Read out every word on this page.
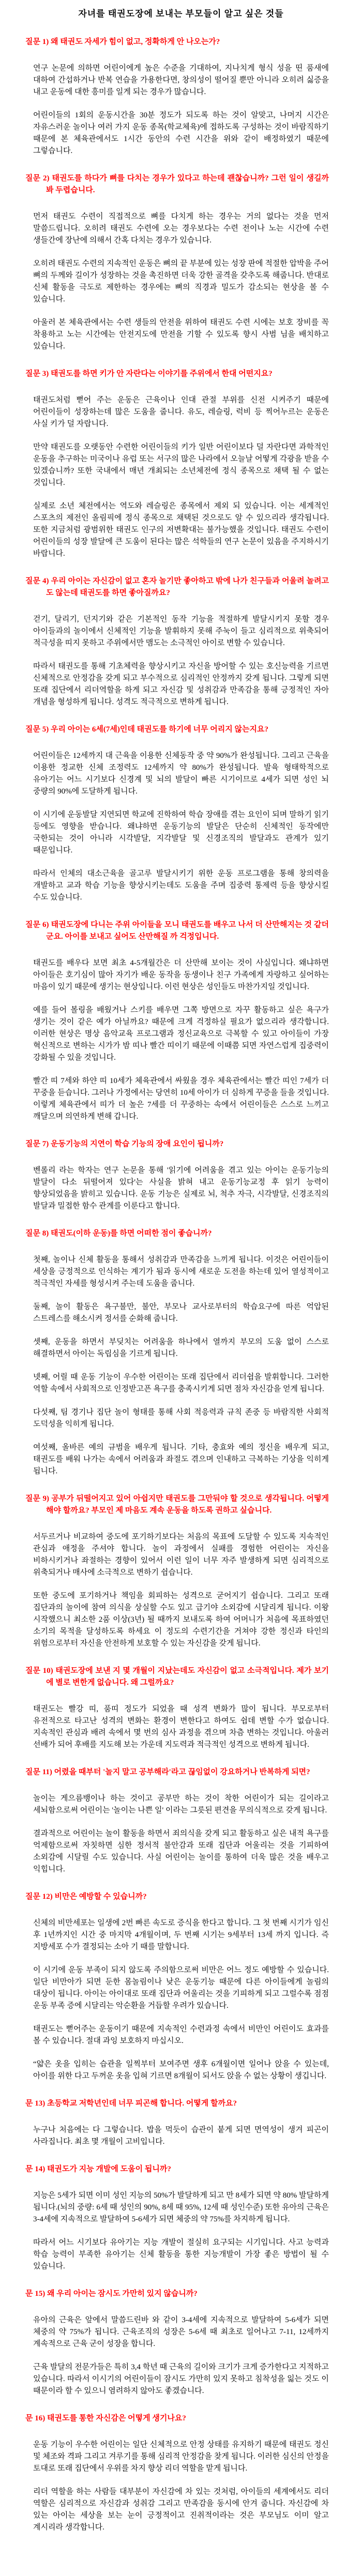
자녀를 태권도장에 보내는 부모들이 알고 싶은 것들

질문 1) 왜 태권도 자세가 힘이 없고, 정확하게 안 나오는가?

연구 논문에 의하면 어린이에게 높은 수준을 기대하여, 지나치게 형식 성을 띤 품새에 대하여 간섭하거나 반복 연습을 가용한다면, 창의성이 떨어질 뿐만 아니라 오히려 싫증을 내고 운동에 대한 흥미를 일게 되는 경우가 많습니다.

어린이들의 1회의 운동시간을 30분 정도가 되도록 하는 것이 알맞고, 나머지 시간은 자유스러운 놀이나 여러 가지 운동 종목(학교체육)에 접하도록 구성하는 것이 바람직하기 때문에 본 체육관에서도 1시간 동안의 수련 시간을 위와 같이 배정하였기 때문에 그렇습니다.

질문 2) 태권도를 하다가 뼈를 다치는 경우가 있다고 하는데 괜찮습니까? 그런 일이 생길까 봐 두렵습니다.

먼저 태권도 수련이 직접적으로 뼈를 다치게 하는 경우는 거의 없다는 것을 먼저 말씀드립니다. 오히려 태권도 수련에 오는 경우보다는 수련 전이나 노는 시간에 수련 생들간에 장난에 의해서 간혹 다치는 경우가 있습니다.

오히려 태권도 수련의 지속적인 운동은 뼈의 끝 부분에 있는 성장 판에 적절한 압박을 주어 뼈의 두께와 길이가 성장하는 것을 촉진하면 더욱 강한 골격을 갖추도록 해줍니다. 반대로 신체 활동을 극도로 제한하는 경우에는 뼈의 직경과 밀도가 감소되는 현상을 볼 수 있습니다.

아울러 본 체육관에서는 수련 생들의 안전을 위하여 태권도 수련 시에는 보호 장비를 꼭 착용하고 노는 시간에는 안전지도에 만전을 기할 수 있도록 향시 사범 님을 배치하고 있습니다.

질문 3) 태권도를 하면 키가 안 자란다는 이야기를 주위에서 한대 어떤지요?

태권도처럼 뻗어 주는 운동은 근육이나 인대 관절 부위를 신전 시켜주기 때문에 어린이들이 성장하는데 많은 도움을 줍니다. 유도, 레슬링, 럭비 등 찍어누르는 운동은 사실 키가 덜 자랍니다.

만약 태권도를 오랫동안 수련한 어린이들의 키가 일반 어린이보다 덜 자란다면 과학적인 운동을 추구하는 미국이나 유럽 또는 서구의 많은 나라에서 오늘날 어떻게 각광을 받을 수 있겠습니까? 또한 국내에서 매년 개최되는 소년체전에 정식 종목으로 채택 될 수 없는 것입니다.

실제로 소년 체전에서는 역도와 레슬링은 종목에서 제외 되 있습니다. 이는 세계적인 스포츠의 제전인 올림픽에 정식 종목으로 채택된 것으로도 알 수 있으리라 생각됩니다. 또한 지금처럼 광범위한 태권도 인구의 저변확대는 불가능했을 것입니다. 태권도 수련이 어린이들의 성장 발달에 큰 도움이 된다는 많은 석학들의 연구 논문이 있음을 주지하시기 바랍니다.

질문 4) 우리 아이는 자신감이 없고 혼자 놀기만 좋아하고 밖에 나가 친구들과 어울려 놀려고도 않는데 태권도를 하면 좋아질까요?

걷기, 달리기, 던지기와 같은 기본적인 동작 기능을 적절하게 발달시키지 못할 경우 아이들과의 놀이에서 신체적인 기능을 발휘하지 못해 주눅이 들고 심리적으로 위축되어 적극성을 띠지 못하고 주위에서만 맴도는 소극적인 아이로 변할 수 있습니다.

따라서 태권도를 통해 기초체력을 향상시키고 자신을 방어할 수 있는 호신능력을 기르면 신체적으로 안정감을 갖게 되고 부수적으로 심리적인 안정까지 갖게 됩니다. 그렇게 되면 또래 집단에서 리더역할을 하게 되고 자신감 및 성취감과 만족감을 통해 긍정적인 자아 개념을 형성하게 됩니다. 성격도 적극적으로 변하게 됩니다.

질문 5) 우리 아이는 6세(7세)인데 태권도를 하기에 너무 어리지 않는지요?

어린이들은 12세까지 대 근육을 이용한 신체동작 중 약 90%가 완성됩니다. 그리고 근육을 이용한 정교한 신체 조정력도 12세까지 약 80%가 완성됩니다. 발육 형태학적으로 유아기는 어느 시기보다 신경계 및 뇌의 발달이 빠른 시기이므로 4세가 되면 성인 뇌 중량의 90%에 도달하게 됩니다.

이 시기에 운동발달 지연되면 학교에 진학하여 학습 장애를 겪는 요인이 되며 말하기 읽기 등에도 영향을 받습니다. 왜냐하면 운동기능의 발달은 단순히 신체적인 동작에만 국한되는 것이 아니라 시각발달, 지각발달 및 신경조직의 발달과도 관계가 있기 때문입니다.

따라서 인체의 대소근육을 골고루 발달시키기 위한 운동 프로그램을 통해 창의력을 개발하고 교과 학습 기능을 향상시키는데도 도움을 주며 집중력 통제력 등을 향상시킬 수도 있습니다.

질문 6) 태권도장에 다니는 주위 아이들을 모니 태권도를 배우고 나서 더 산만해지는 것 같더군요. 아이를 보내고 싶어도 산만해질 까 걱정입니다.

태권도를 배우다 보면 최초 4-5개월간은 더 산만해 보이는 것이 사실입니다. 왜냐하면 아이들은 호기심이 많아 자기가 배운 동작을 동생이나 친구 가족에게 자랑하고 싶어하는 마음이 있기 때문에 생기는 현상입니다. 이런 현상은 성인들도 마찬가지일 것입니다.

예를 들어 볼링을 배웠거나 스키를 배우면 그쪽 방면으로 자꾸 활동하고 싶은 욕구가 생기는 것이 같은 예가 아닐까요? 때문에 크게 걱정하실 필요가 없으리라 생각합니다. 이러한 현상은 명상 음악교육 프로그램과 정신교육으로 극복할 수 있고 아이들이 가장 혁신적으로 변하는 시가가 밤 띠나 빨간 띠이기 때문에 이때쯤 되면 자연스럽게 집중력이 강화될 수 있을 것입니다.

빨간 띠 7세와 하얀 띠 10세가 체육관에서 싸웠을 경우 체육관에서는 빨간 띠인 7세가 더 꾸중을 듣습니다. 그러나 가정에서는 당연히 10세 아이가 더 심하게 꾸증을 들을 것입니다. 이렇게 체육관에서 띠가 더 높은 7세를 더 꾸중하는 속에서 어린이들은 스스로 느끼고 깨달으며 의연하게 변해 갑니다.

질문 7) 운동기능의 지연이 학습 기능의 장애 요인이 됩니까?

벤롤리 라는 학자는 연구 논문을 통해 '읽기에 어려움을 겪고 있는 아이는 운동기능의 발달이 다소 뒤떨어져 있다'는 사실을 밝혀 내고 운동기능교정 후 읽기 능력이 향상되었음을 밝히고 있습니다. 운동 기능은 실제로 뇌, 척추 자극, 시각발달, 신경조직의 발달과 밀접한 함수 관계를 이룬다고 합니다.

질문 8) 태권도(이하 운동)를 하면 어떠한 점이 좋습니까?

첫째, 놀이나 신체 활동을 통해서 성취감과 만족감을 느끼게 됩니다. 이것은 어린이들이 세상을 긍정적으로 인식하는 계기가 됨과 동시에 새로운 도전을 하는데 있어 열성적이고 적극적인 자세를 형성시켜 주는데 도움을 줍니다.

둘째, 놀이 활동은 욕구불만, 불안, 부모나 교사로부터의 학습요구에 따른 억압된 스트레스를 해소시켜 정서를 순화해 줍니다.

셋째, 운동을 하면서 부딪치는 어려움을 하나에서 열까지 부모의 도움 없이 스스로 해결하면서 아이는 독립심을 기르게 됩니다.

넷째, 어릴 때 운동 기능이 우수한 어린이는 또래 집단에서 리더쉽을 발휘합니다. 그러한 역할 속에서 사회적으로 인정받고픈 욕구를 충족시키게 되면 점차 자신감을 얻게 됩니다.

다섯째, 팀 경기나 집단 놀이 형태를 통해 사회 적응력과 규칙 존중 등 바람직한 사회적 도덕성을 익히게 됩니다.

여섯째, 올바른 예의 규범을 배우게 됩니다. 기타, 충효와 예의 정신을 배우게 되고, 태권도를 배워 나가는 속에서 어려움과 좌절도 겪으며 인내하고 극복하는 기상을 익히게 됩니다.

질문 9) 공부가 뒤떨어지고 있어 아쉽지만 태권도를 그만둬야 할 것으로 생각됩니다. 어떻게 해야 할까요? 부모인 제 마음도 계속 운동을 하도록 권하고 싶습니다.

서두르거나 비교하여 중도에 포기하기보다는 처음의 목표에 도달할 수 있도록 지속적인 관심과 애정을 주셔야 합니다. 놀이 과정에서 실패를 경험한 어린이는 자신을 비하시키거나 좌절하는 경향이 있어서 이런 일이 너무 자주 발생하게 되면 심리적으로 위축되거나 매사에 소극적으로 변하기 쉽습니다.

또한 중도에 포기하거나 책임을 회피하는 성격으로 굳어지기 쉽습니다. 그리고 또래 집단과의 놀이에 참여 의식을 상실할 수도 있고 급기야 소외감에 시달리게 됩니다. 이왕 시작했으니 최소한 2품 이상(3년) 될 때까지 보내도록 하여 어머니가 처음에 목표하였던 소기의 목적을 달성하도록 하세요 이 정도의 수련기간을 거쳐야 강한 정신과 타인의 위험으로부터 자신을 안전하게 보호할 수 있는 자신감을 갖게 됩니다.

질문 10) 태권도장에 보낸 지 몇 개월이 지났는데도 자신감이 없고 소극적입니다. 제가 보기에 별로 변한게 없습니다. 왜 그럴까요?

태권도는 빨강 띠, 품띠 정도가 되었을 때 성격 변화가 많이 됩니다. 부모로부터 유전적으로 타고난 성격의 변화는 환경이 변한다고 하여도 쉽데 변할 수가 없습니다. 지속적인 관심과 배려 속에서 몇 번의 심사 과정을 겪으며 차츰 변하는 것입니다. 아울러 선배가 되어 후배를 지도해 보는 가운데 지도력과 적극적인 성격으로 변하게 됩니다.

질문 11) 어렸을 때부터 '놀지 말고 공부해라'라고 끊임없이 강요하거나 반복하게 되면?

놀이는 게으름뱅이나 하는 것이고 공부만 하는 것이 착한 어린이가 되는 길이라고 세뇌함으로써 어린이는 '놀이는 나쁜 일' 이라는 그릇된 편견을 무의식적으로 갖게 됩니다.

결과적으로 어린이는 놀이 활동을 하면서 죄의식을 갖게 되고 활동하고 싶은 내적 욕구를 억제함으로써 자칫하면 심한 정서적 불안감과 또래 집단과 어울리는 것을 기피하여 소외감에 시달릴 수도 있습니다. 사실 어린이는 놀이를 통하여 더욱 많은 것을 배우고 익힙니다.

질문 12) 비만은 예방할 수 있습니까?

신체의 비만세포는 일생에 2번 빠른 속도로 증식을 한다고 합니다. 그 첫 번째 시기가 임신 후 1년까지인 시간 중 마지막 4개월이며, 두 번째 시기는 9세부터 13세 까지 입니다. 즉 지방세포 수가 결정되는 소아 기 때를 말합니다.

이 시기에 운동 부족이 되지 않도록 주의함으로써 비만은 어느 정도 예방할 수 있습니다. 일단 비만아가 되면 둔한 몸놀림이나 낮은 운동기능 때문에 다른 아이들에게 놀림의 대상이 됩니다. 아이는 아이대로 또래 집단과 어울리는 것을 기피하게 되고 그럴수록 점점 운동 부족 증에 시달리는 악순환을 거듭할 우려가 있습니다.

태권도는 뻗어주는 운동이기 때문에 지속적인 수련과정 속에서 비만인 어린이도 효과를 볼 수 있습니다. 절대 과잉 보호하지 마십시오.

“얇은 옷을 입히는 습관을 일찍부터 보여주면 생후 6개월이면 일어나 앉을 수 있는데, 아이를 위한 다고 두꺼운 옷을 입혀 기르면 8개월이 되서도 앉을 수 없는 상황이 생깁니다.

문 13) 초등학교 저학년인데 너무 피곤해 합니다. 어떻게 할까요?

누구나 처음에는 다 그렇습니다. 밥을 먹듯이 습관이 붙게 되면 면역성이 생겨 피곤이 사라집니다. 최초 몇 개월이 고비입니다.

문 14) 태권도가 지능 개발에 도움이 됩니까?

지능은 5세가 되면 이미 성인 지능의 50%가 발달하게 되고 만 8세가 되면 약 80% 발달하게 됩니다.(뇌의 중량: 6세 때 성인의 90%, 8세 때 95%, 12세 때 성인수준) 또한 유아의 근육은 3-4세에 지속적으로 발달하여 5-6세가 되면 체중의 약 75%를 차지하게 됩니다.

따라서 어느 시기보다 유아기는 지능 개발이 절실히 요구되는 시기입니다. 사고 능력과 학습 능력이 부족한 유아기는 신체 활동을 통한 지능개발이 가장 좋은 방법이 될 수 있습니다.

문 15) 왜 우리 아이는 잠시도 가만히 있지 않습니까?

유아의 근육은 앞에서 말씀드린바 와 같이 3-4세에 지속적으로 발달하여 5-6세가 되면 체중의 약 75%가 됩니다. 근육조직의 성장은 5-6세 때 최초로 일어나고 7-11, 12세까지 계속적으로 근육 군이 성장을 합니다.

근육 발달의 전문가들은 특히 3,4 학년 때 근육의 길이와 크기가 크게 증가한다고 지적하고 있습니다. 따라서 이시기의 어린이들이 잠시도 가만히 있지 못하고 침착성을 잃는 것도 이 때문이라 할 수 있으니 염려하지 않아도 좋겠습니다.

문 16) 태권도를 통한 자신감은 어떻게 생기나요?

운동 기능이 우수한 어린이는 일단 신체적으로 안정 상태를 유지하기 때문에 태권도 정신 및 체조와 격파 그리고 겨루기를 통해 심리적 안정감을 찾게 됩니다. 이러한 심신의 안정을 토대로 또래 집단에서 우위를 차지 향상 리더 역할을 맡게 됩니다.

리더 역할을 하는 사람들 대부분이 자신감에 차 있는 것처럼, 아이들의 세계에서도 리더 역할은 심리적으로 자신감과 성취감 그리고 만족감을 동시에 안겨 줍니다. 자신감에 차 있는 아이는 세상을 보는 눈이 긍정적이고 진취적이라는 것은 부모님도 이미 알고 계시리라 생각합니다.
